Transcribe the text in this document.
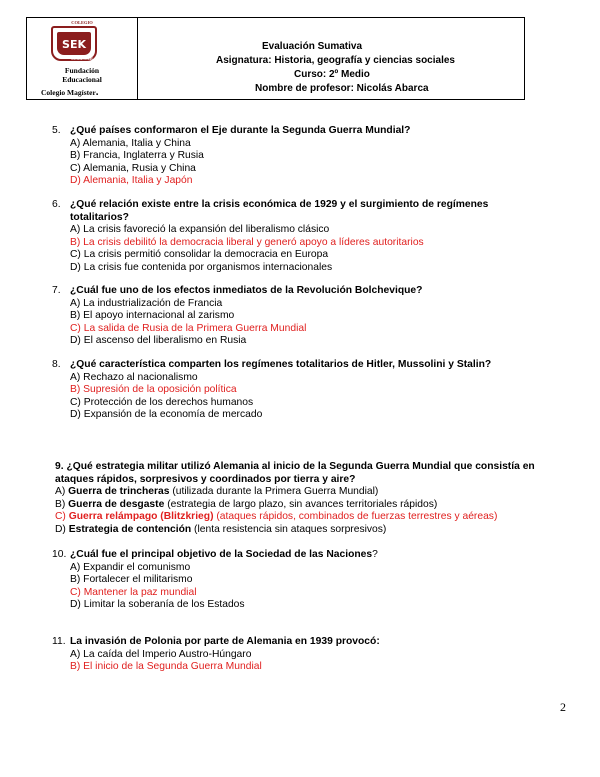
SEK
COLEGIO
MAGISTER
Fundación
Educacional
Colegio Magíster.
Evaluación Sumativa
Asignatura: Historia, geografía y ciencias sociales
Curso: 2º Medio
Nombre de profesor: Nicolás Abarca
5. ¿Qué países conformaron el Eje durante la Segunda Guerra Mundial?
A) Alemania, Italia y China
B) Francia, Inglaterra y Rusia
C) Alemania, Rusia y China
D) Alemania, Italia y Japón
6. ¿Qué relación existe entre la crisis económica de 1929 y el surgimiento de regímenes
totalitarios?
A) La crisis favoreció la expansión del liberalismo clásico
B) La crisis debilitó la democracia liberal y generó apoyo a líderes autoritarios
C) La crisis permitió consolidar la democracia en Europa
D) La crisis fue contenida por organismos internacionales
7. ¿Cuál fue uno de los efectos inmediatos de la Revolución Bolchevique?
A) La industrialización de Francia
B) El apoyo internacional al zarismo
C) La salida de Rusia de la Primera Guerra Mundial
D) El ascenso del liberalismo en Rusia
8. ¿Qué característica comparten los regímenes totalitarios de Hitler, Mussolini y Stalin?
A) Rechazo al nacionalismo
B) Supresión de la oposición política
C) Protección de los derechos humanos
D) Expansión de la economía de mercado
9. ¿Qué estrategia militar utilizó Alemania al inicio de la Segunda Guerra Mundial que consistía en
ataques rápidos, sorpresivos y coordinados por tierra y aire?
A) Guerra de trincheras (utilizada durante la Primera Guerra Mundial)
B) Guerra de desgaste (estrategia de largo plazo, sin avances territoriales rápidos)
C) Guerra relámpago (Blitzkrieg) (ataques rápidos, combinados de fuerzas terrestres y aéreas)
D) Estrategia de contención (lenta resistencia sin ataques sorpresivos)
10. ¿Cuál fue el principal objetivo de la Sociedad de las Naciones?
A) Expandir el comunismo
B) Fortalecer el militarismo
C) Mantener la paz mundial
D) Limitar la soberanía de los Estados
11. La invasión de Polonia por parte de Alemania en 1939 provocó:
A) La caída del Imperio Austro-Húngaro
B) El inicio de la Segunda Guerra Mundial
2
